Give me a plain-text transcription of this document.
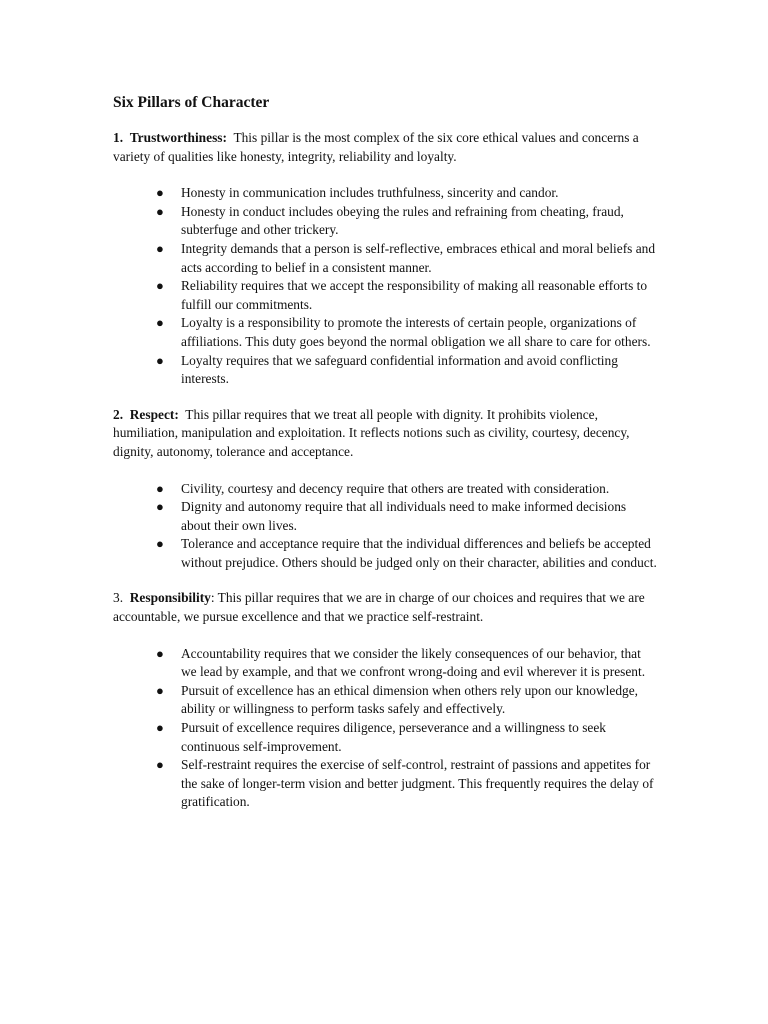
Six Pillars of Character

1. Trustworthiness: This pillar is the most complex of the six core ethical values and concerns a variety of qualities like honesty, integrity, reliability and loyalty.

● Honesty in communication includes truthfulness, sincerity and candor.
● Honesty in conduct includes obeying the rules and refraining from cheating, fraud, subterfuge and other trickery.
● Integrity demands that a person is self-reflective, embraces ethical and moral beliefs and acts according to belief in a consistent manner.
● Reliability requires that we accept the responsibility of making all reasonable efforts to fulfill our commitments.
● Loyalty is a responsibility to promote the interests of certain people, organizations of affiliations. This duty goes beyond the normal obligation we all share to care for others.
● Loyalty requires that we safeguard confidential information and avoid conflicting interests.

2. Respect: This pillar requires that we treat all people with dignity. It prohibits violence, humiliation, manipulation and exploitation. It reflects notions such as civility, courtesy, decency, dignity, autonomy, tolerance and acceptance.

● Civility, courtesy and decency require that others are treated with consideration.
● Dignity and autonomy require that all individuals need to make informed decisions about their own lives.
● Tolerance and acceptance require that the individual differences and beliefs be accepted without prejudice. Others should be judged only on their character, abilities and conduct.

3. Responsibility: This pillar requires that we are in charge of our choices and requires that we are accountable, we pursue excellence and that we practice self-restraint.

● Accountability requires that we consider the likely consequences of our behavior, that we lead by example, and that we confront wrong-doing and evil wherever it is present.
● Pursuit of excellence has an ethical dimension when others rely upon our knowledge, ability or willingness to perform tasks safely and effectively.
● Pursuit of excellence requires diligence, perseverance and a willingness to seek continuous self-improvement.
● Self-restraint requires the exercise of self-control, restraint of passions and appetites for the sake of longer-term vision and better judgment. This frequently requires the delay of gratification.
